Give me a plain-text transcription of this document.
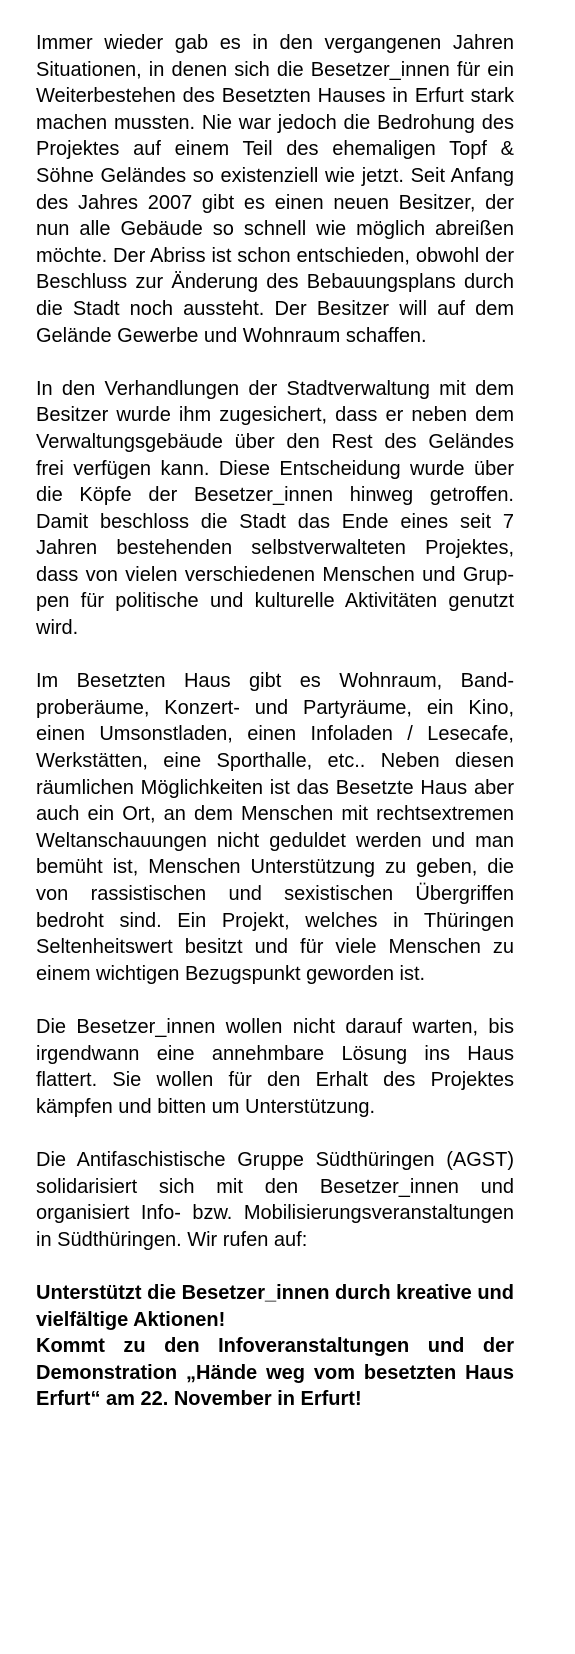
Immer wieder gab es in den vergangenen Jahren Situationen, in denen sich die Besetzer_innen für ein Weiterbestehen des Besetzten Hauses in Erfurt stark machen mussten. Nie war jedoch die Bedrohung des Projektes auf einem Teil des ehemaligen Topf & Söhne Geländes so existenziell wie jetzt. Seit Anfang des Jahres 2007 gibt es einen neuen Besitzer, der nun alle Gebäude so schnell wie möglich abreißen möchte. Der Abriss ist schon entschieden, obwohl der Beschluss zur Änderung des Bebauungsplans durch die Stadt noch aussteht. Der Besitzer will auf dem Gelände Gewerbe und Wohnraum schaffen.

In den Verhandlungen der Stadtverwaltung mit dem Besitzer wurde ihm zugesichert, dass er neben dem Verwaltungsgebäude über den Rest des Geländes frei verfügen kann. Diese Entscheidung wurde über die Köpfe der Besetzer_innen hinweg getroffen. Damit beschloss die Stadt das Ende eines seit 7 Jahren bestehenden selbstverwalteten Projektes, dass von vielen verschiedenen Menschen und Gruppen für politische und kulturelle Aktivitäten genutzt wird.

Im Besetzten Haus gibt es Wohnraum, Bandproberäume, Konzert- und Partyräume, ein Kino, einen Umsonstladen, einen Infoladen / Lesecafe, Werkstätten, eine Sporthalle, etc.. Neben diesen räumlichen Möglichkeiten ist das Besetzte Haus aber auch ein Ort, an dem Menschen mit rechtsextremen Weltanschauungen nicht geduldet werden und man bemüht ist, Menschen Unterstützung zu geben, die von rassistischen und sexistischen Übergriffen bedroht sind. Ein Projekt, welches in Thüringen Seltenheitswert besitzt und für viele Menschen zu einem wichtigen Bezugspunkt geworden ist.

Die Besetzer_innen wollen nicht darauf warten, bis irgendwann eine annehmbare Lösung ins Haus flattert. Sie wollen für den Erhalt des Projektes kämpfen und bitten um Unterstützung.

Die Antifaschistische Gruppe Südthüringen (AGST) solidarisiert sich mit den Besetzer_innen und organisiert Info- bzw. Mobilisierungsveranstaltungen in Südthüringen. Wir rufen auf:

Unterstützt die Besetzer_innen durch kreative und vielfältige Aktionen!

Kommt zu den Infoveranstaltungen und der Demonstration „Hände weg vom besetzten Haus Erfurt“ am 22. November in Erfurt!
